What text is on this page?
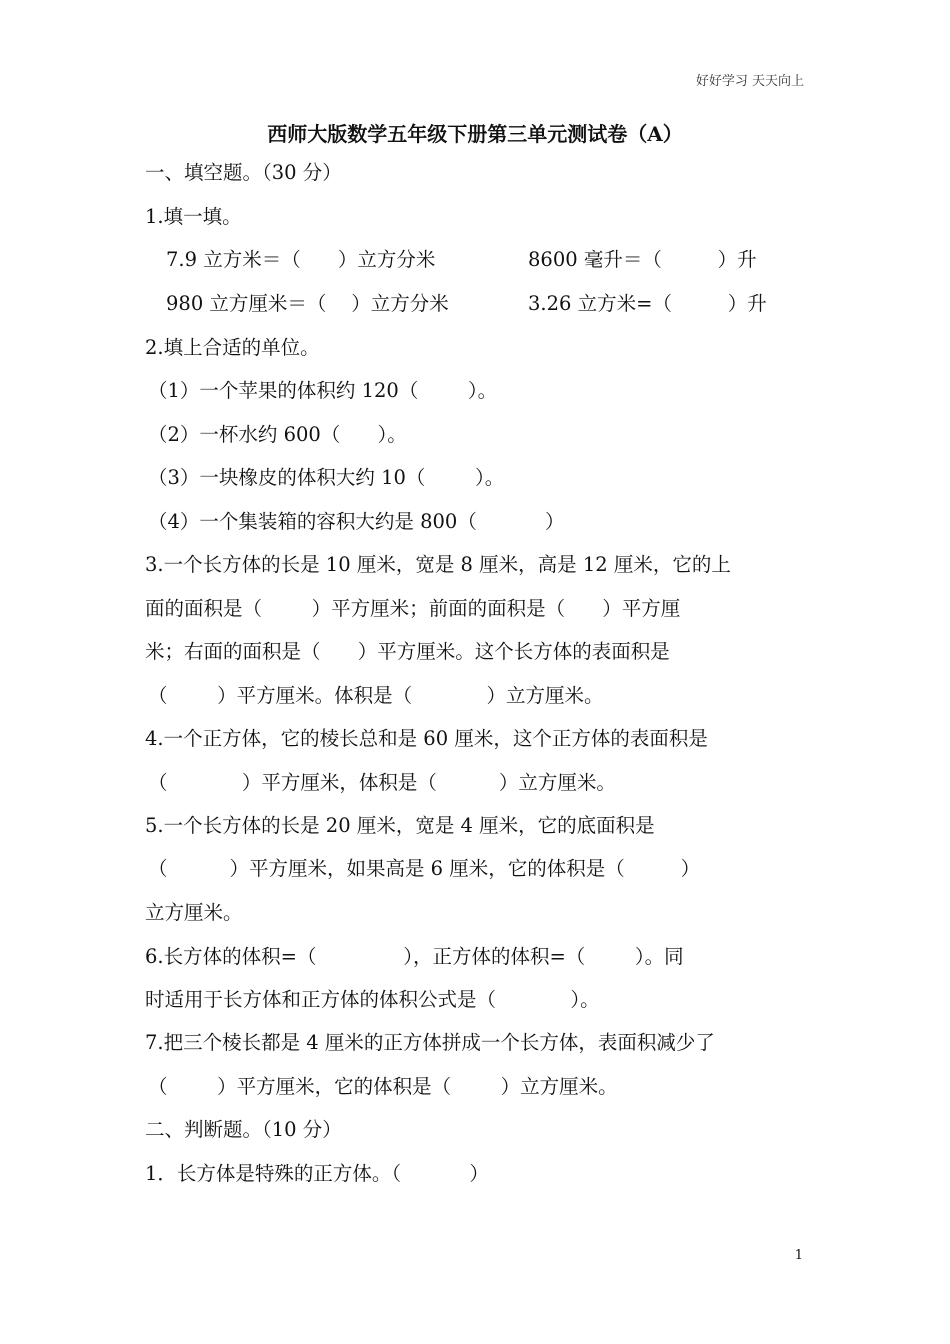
好好学习 天天向上
西师大版数学五年级下册第三单元测试卷（A）
一、填空题。（30 分）
1.填一填。
7.9 立方米＝（      ）立方分米	8600 毫升＝（         ）升
980 立方厘米＝（    ）立方分米	3.26 立方米=（         ）升
2.填上合适的单位。
（1）一个苹果的体积约 120（        ）。
（2）一杯水约 600（      ）。
（3）一块橡皮的体积大约 10（        ）。
（4）一个集装箱的容积大约是 800（           ）
3.一个长方体的长是 10 厘米，宽是 8 厘米，高是 12 厘米，它的上
面的面积是（        ）平方厘米；前面的面积是（      ）平方厘
米；右面的面积是（      ）平方厘米。这个长方体的表面积是
（        ）平方厘米。体积是（            ）立方厘米。
4.一个正方体，它的棱长总和是 60 厘米，这个正方体的表面积是
（            ）平方厘米，体积是（          ）立方厘米。
5.一个长方体的长是 20 厘米，宽是 4 厘米，它的底面积是
（          ）平方厘米，如果高是 6 厘米，它的体积是（         ）
立方厘米。
6.长方体的体积=（              ），正方体的体积=（        ）。同
时适用于长方体和正方体的体积公式是（            ）。
7.把三个棱长都是 4 厘米的正方体拼成一个长方体，表面积减少了
（        ）平方厘米，它的体积是（        ）立方厘米。
二、判断题。（10 分）
1．长方体是特殊的正方体。（           ）
1
